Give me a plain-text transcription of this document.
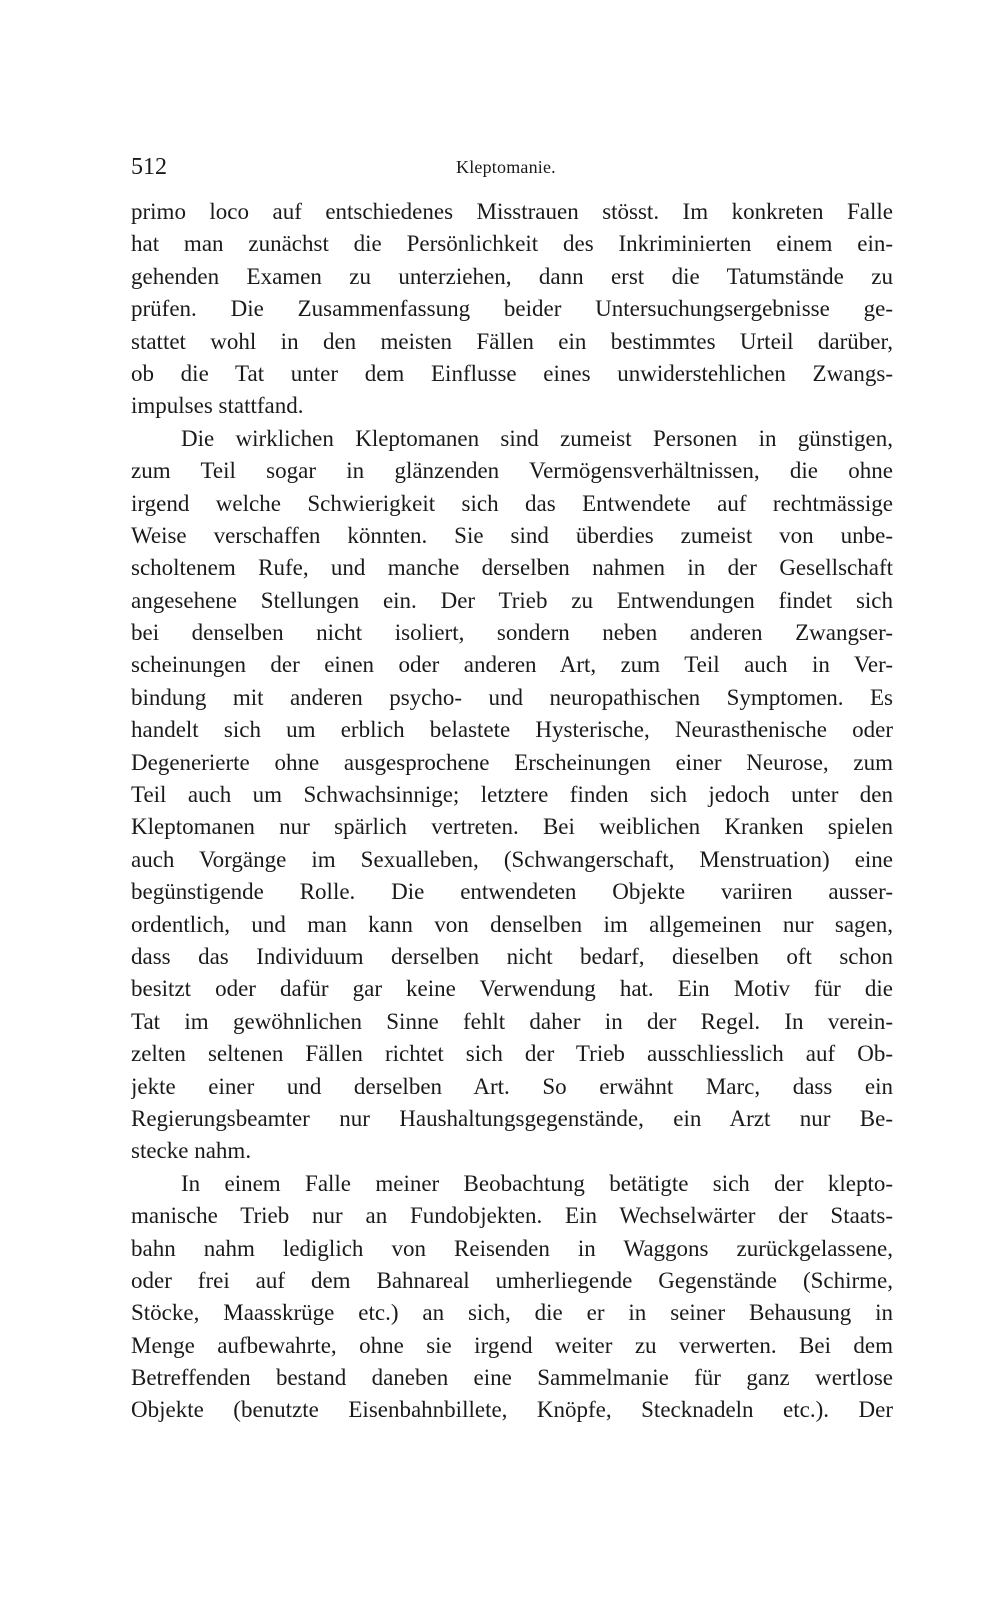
512	Kleptomanie.
primo loco auf entschiedenes Misstrauen stösst. Im konkreten Falle
hat man zunächst die Persönlichkeit des Inkriminierten einem ein-
gehenden Examen zu unterziehen, dann erst die Tatumstände zu
prüfen. Die Zusammenfassung beider Untersuchungsergebnisse ge-
stattet wohl in den meisten Fällen ein bestimmtes Urteil darüber,
ob die Tat unter dem Einflusse eines unwiderstehlichen Zwangs-
impulses stattfand.
Die wirklichen Kleptomanen sind zumeist Personen in günstigen,
zum Teil sogar in glänzenden Vermögensverhältnissen, die ohne
irgend welche Schwierigkeit sich das Entwendete auf rechtmässige
Weise verschaffen könnten. Sie sind überdies zumeist von unbe-
scholtenem Rufe, und manche derselben nahmen in der Gesellschaft
angesehene Stellungen ein. Der Trieb zu Entwendungen findet sich
bei denselben nicht isoliert, sondern neben anderen Zwangser-
scheinungen der einen oder anderen Art, zum Teil auch in Ver-
bindung mit anderen psycho- und neuropathischen Symptomen. Es
handelt sich um erblich belastete Hysterische, Neurasthenische oder
Degenerierte ohne ausgesprochene Erscheinungen einer Neurose, zum
Teil auch um Schwachsinnige; letztere finden sich jedoch unter den
Kleptomanen nur spärlich vertreten. Bei weiblichen Kranken spielen
auch Vorgänge im Sexualleben, (Schwangerschaft, Menstruation) eine
begünstigende Rolle. Die entwendeten Objekte variiren ausser-
ordentlich, und man kann von denselben im allgemeinen nur sagen,
dass das Individuum derselben nicht bedarf, dieselben oft schon
besitzt oder dafür gar keine Verwendung hat. Ein Motiv für die
Tat im gewöhnlichen Sinne fehlt daher in der Regel. In verein-
zelten seltenen Fällen richtet sich der Trieb ausschliesslich auf Ob-
jekte einer und derselben Art. So erwähnt Marc, dass ein
Regierungsbeamter nur Haushaltungsgegenstände, ein Arzt nur Be-
stecke nahm.
In einem Falle meiner Beobachtung betätigte sich der klepto-
manische Trieb nur an Fundobjekten. Ein Wechselwärter der Staats-
bahn nahm lediglich von Reisenden in Waggons zurückgelassene,
oder frei auf dem Bahnareal umherliegende Gegenstände (Schirme,
Stöcke, Maasskrüge etc.) an sich, die er in seiner Behausung in
Menge aufbewahrte, ohne sie irgend weiter zu verwerten. Bei dem
Betreffenden bestand daneben eine Sammelmanie für ganz wertlose
Objekte (benutzte Eisenbahnbillete, Knöpfe, Stecknadeln etc.). Der
